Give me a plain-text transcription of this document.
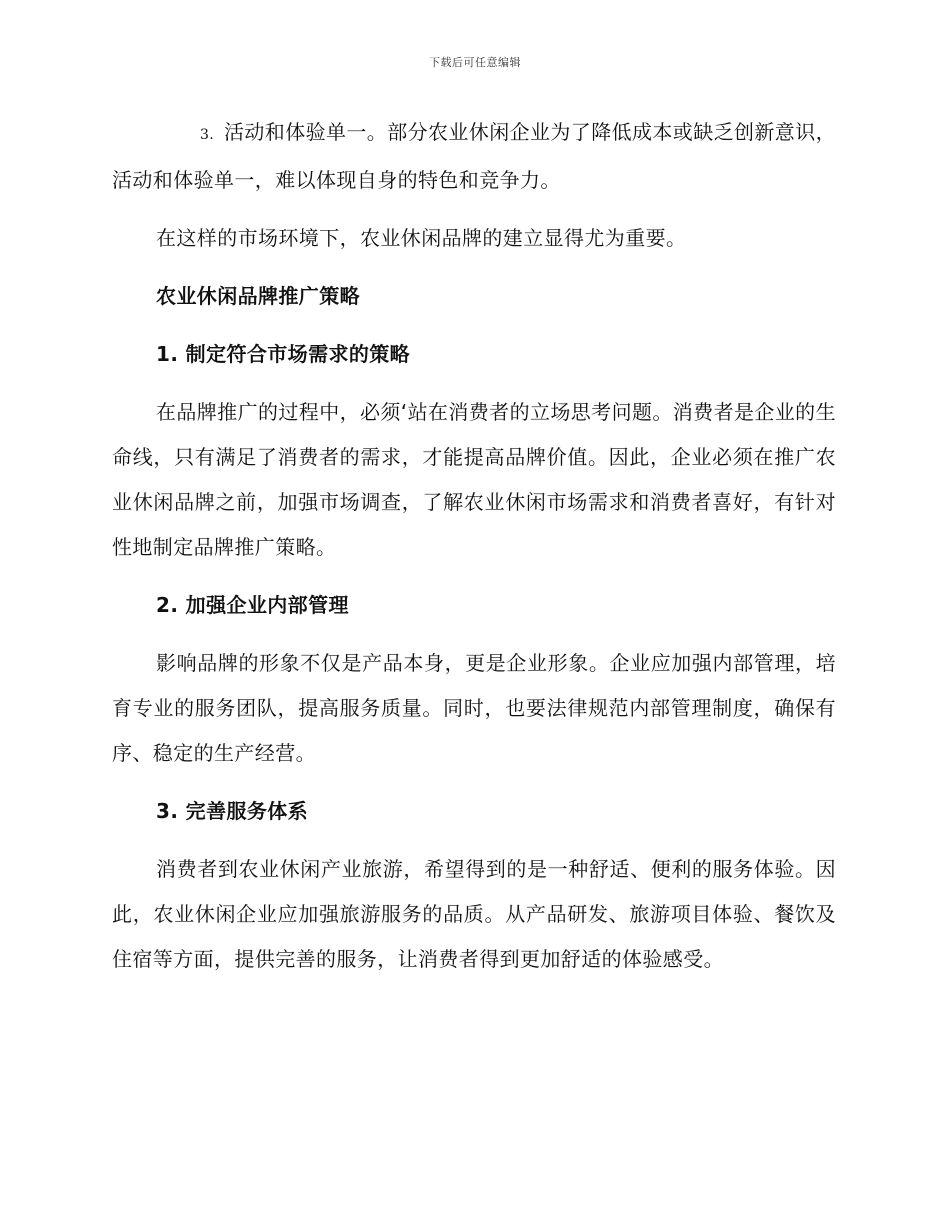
下载后可任意编辑

3. 活动和体验单一。部分农业休闲企业为了降低成本或缺乏创新意识，活动和体验单一，难以体现自身的特色和竞争力。

在这样的市场环境下，农业休闲品牌的建立显得尤为重要。

农业休闲品牌推广策略

1. 制定符合市场需求的策略

在品牌推广的过程中，必须‘站在消费者的立场思考问题。消费者是企业的生命线，只有满足了消费者的需求，才能提高品牌价值。因此，企业必须在推广农业休闲品牌之前，加强市场调查，了解农业休闲市场需求和消费者喜好，有针对性地制定品牌推广策略。

2. 加强企业内部管理

影响品牌的形象不仅是产品本身，更是企业形象。企业应加强内部管理，培育专业的服务团队，提高服务质量。同时，也要法律规范内部管理制度，确保有序、稳定的生产经营。

3. 完善服务体系

消费者到农业休闲产业旅游，希望得到的是一种舒适、便利的服务体验。因此，农业休闲企业应加强旅游服务的品质。从产品研发、旅游项目体验、餐饮及住宿等方面，提供完善的服务，让消费者得到更加舒适的体验感受。
